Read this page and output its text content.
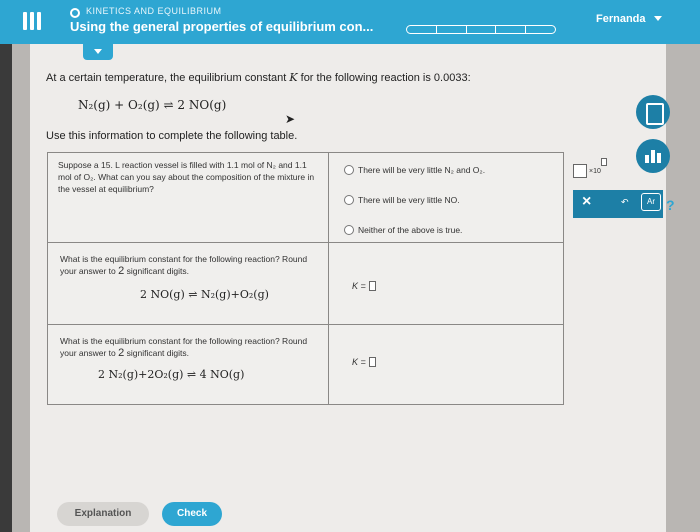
KINETICS AND EQUILIBRIUM
Using the general properties of equilibrium con...	Fernanda
At a certain temperature, the equilibrium constant K for the following reaction is 0.0033:
N₂(g) + O₂(g) ⇌ 2 NO(g)
➤
Use this information to complete the following table.
Suppose a 15. L reaction vessel is filled with 1.1 mol of N₂ and 1.1 mol of O₂. What can you say about the composition of the mixture in the vessel at equilibrium?
There will be very little N₂ and O₂.
There will be very little NO.
Neither of the above is true.
What is the equilibrium constant for the following reaction? Round your answer to 2 significant digits.
2 NO(g) ⇌ N₂(g)+O₂(g)
K =
What is the equilibrium constant for the following reaction? Round your answer to 2 significant digits.
2 N₂(g)+2O₂(g) ⇌ 4 NO(g)
K =
×10
×	↶	Ar ?
Explanation	Check
